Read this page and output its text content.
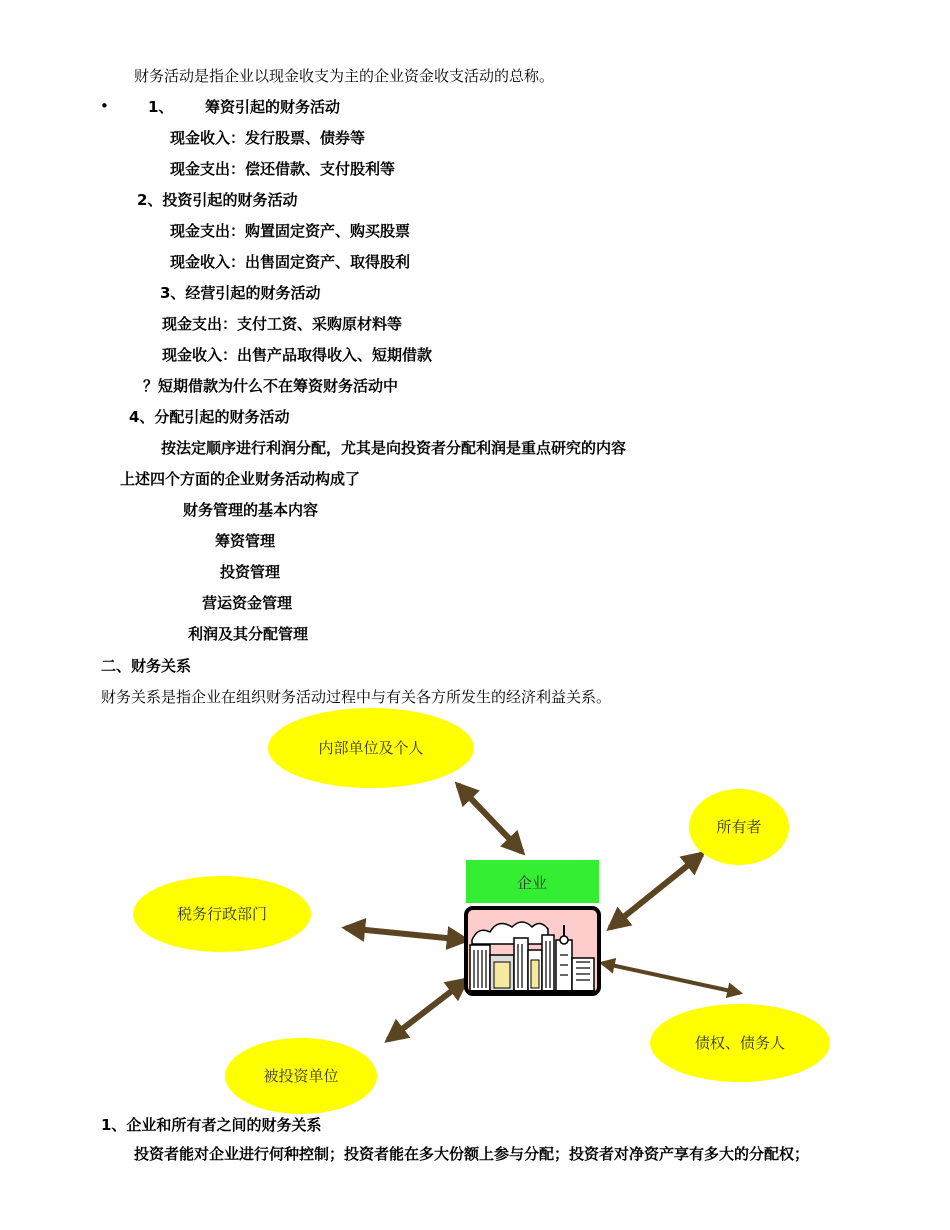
财务活动是指企业以现金收支为主的企业资金收支活动的总称。
•	1、 筹资引起的财务活动
现金收入：发行股票、债券等
现金支出：偿还借款、支付股利等
2、投资引起的财务活动
现金支出：购置固定资产、购买股票
现金收入：出售固定资产、取得股利
3、经营引起的财务活动
现金支出：支付工资、采购原材料等
现金收入：出售产品取得收入、短期借款
？短期借款为什么不在筹资财务活动中
4、分配引起的财务活动
按法定顺序进行利润分配，尤其是向投资者分配利润是重点研究的内容
上述四个方面的企业财务活动构成了
财务管理的基本内容
筹资管理
投资管理
营运资金管理
利润及其分配管理
二、财务关系
财务关系是指企业在组织财务活动过程中与有关各方所发生的经济利益关系。
内部单位及个人
所有者
税务行政部门
债权、债务人
被投资单位
企业
1、企业和所有者之间的财务关系
投资者能对企业进行何种控制；投资者能在多大份额上参与分配；投资者对净资产享有多大的分配权；
